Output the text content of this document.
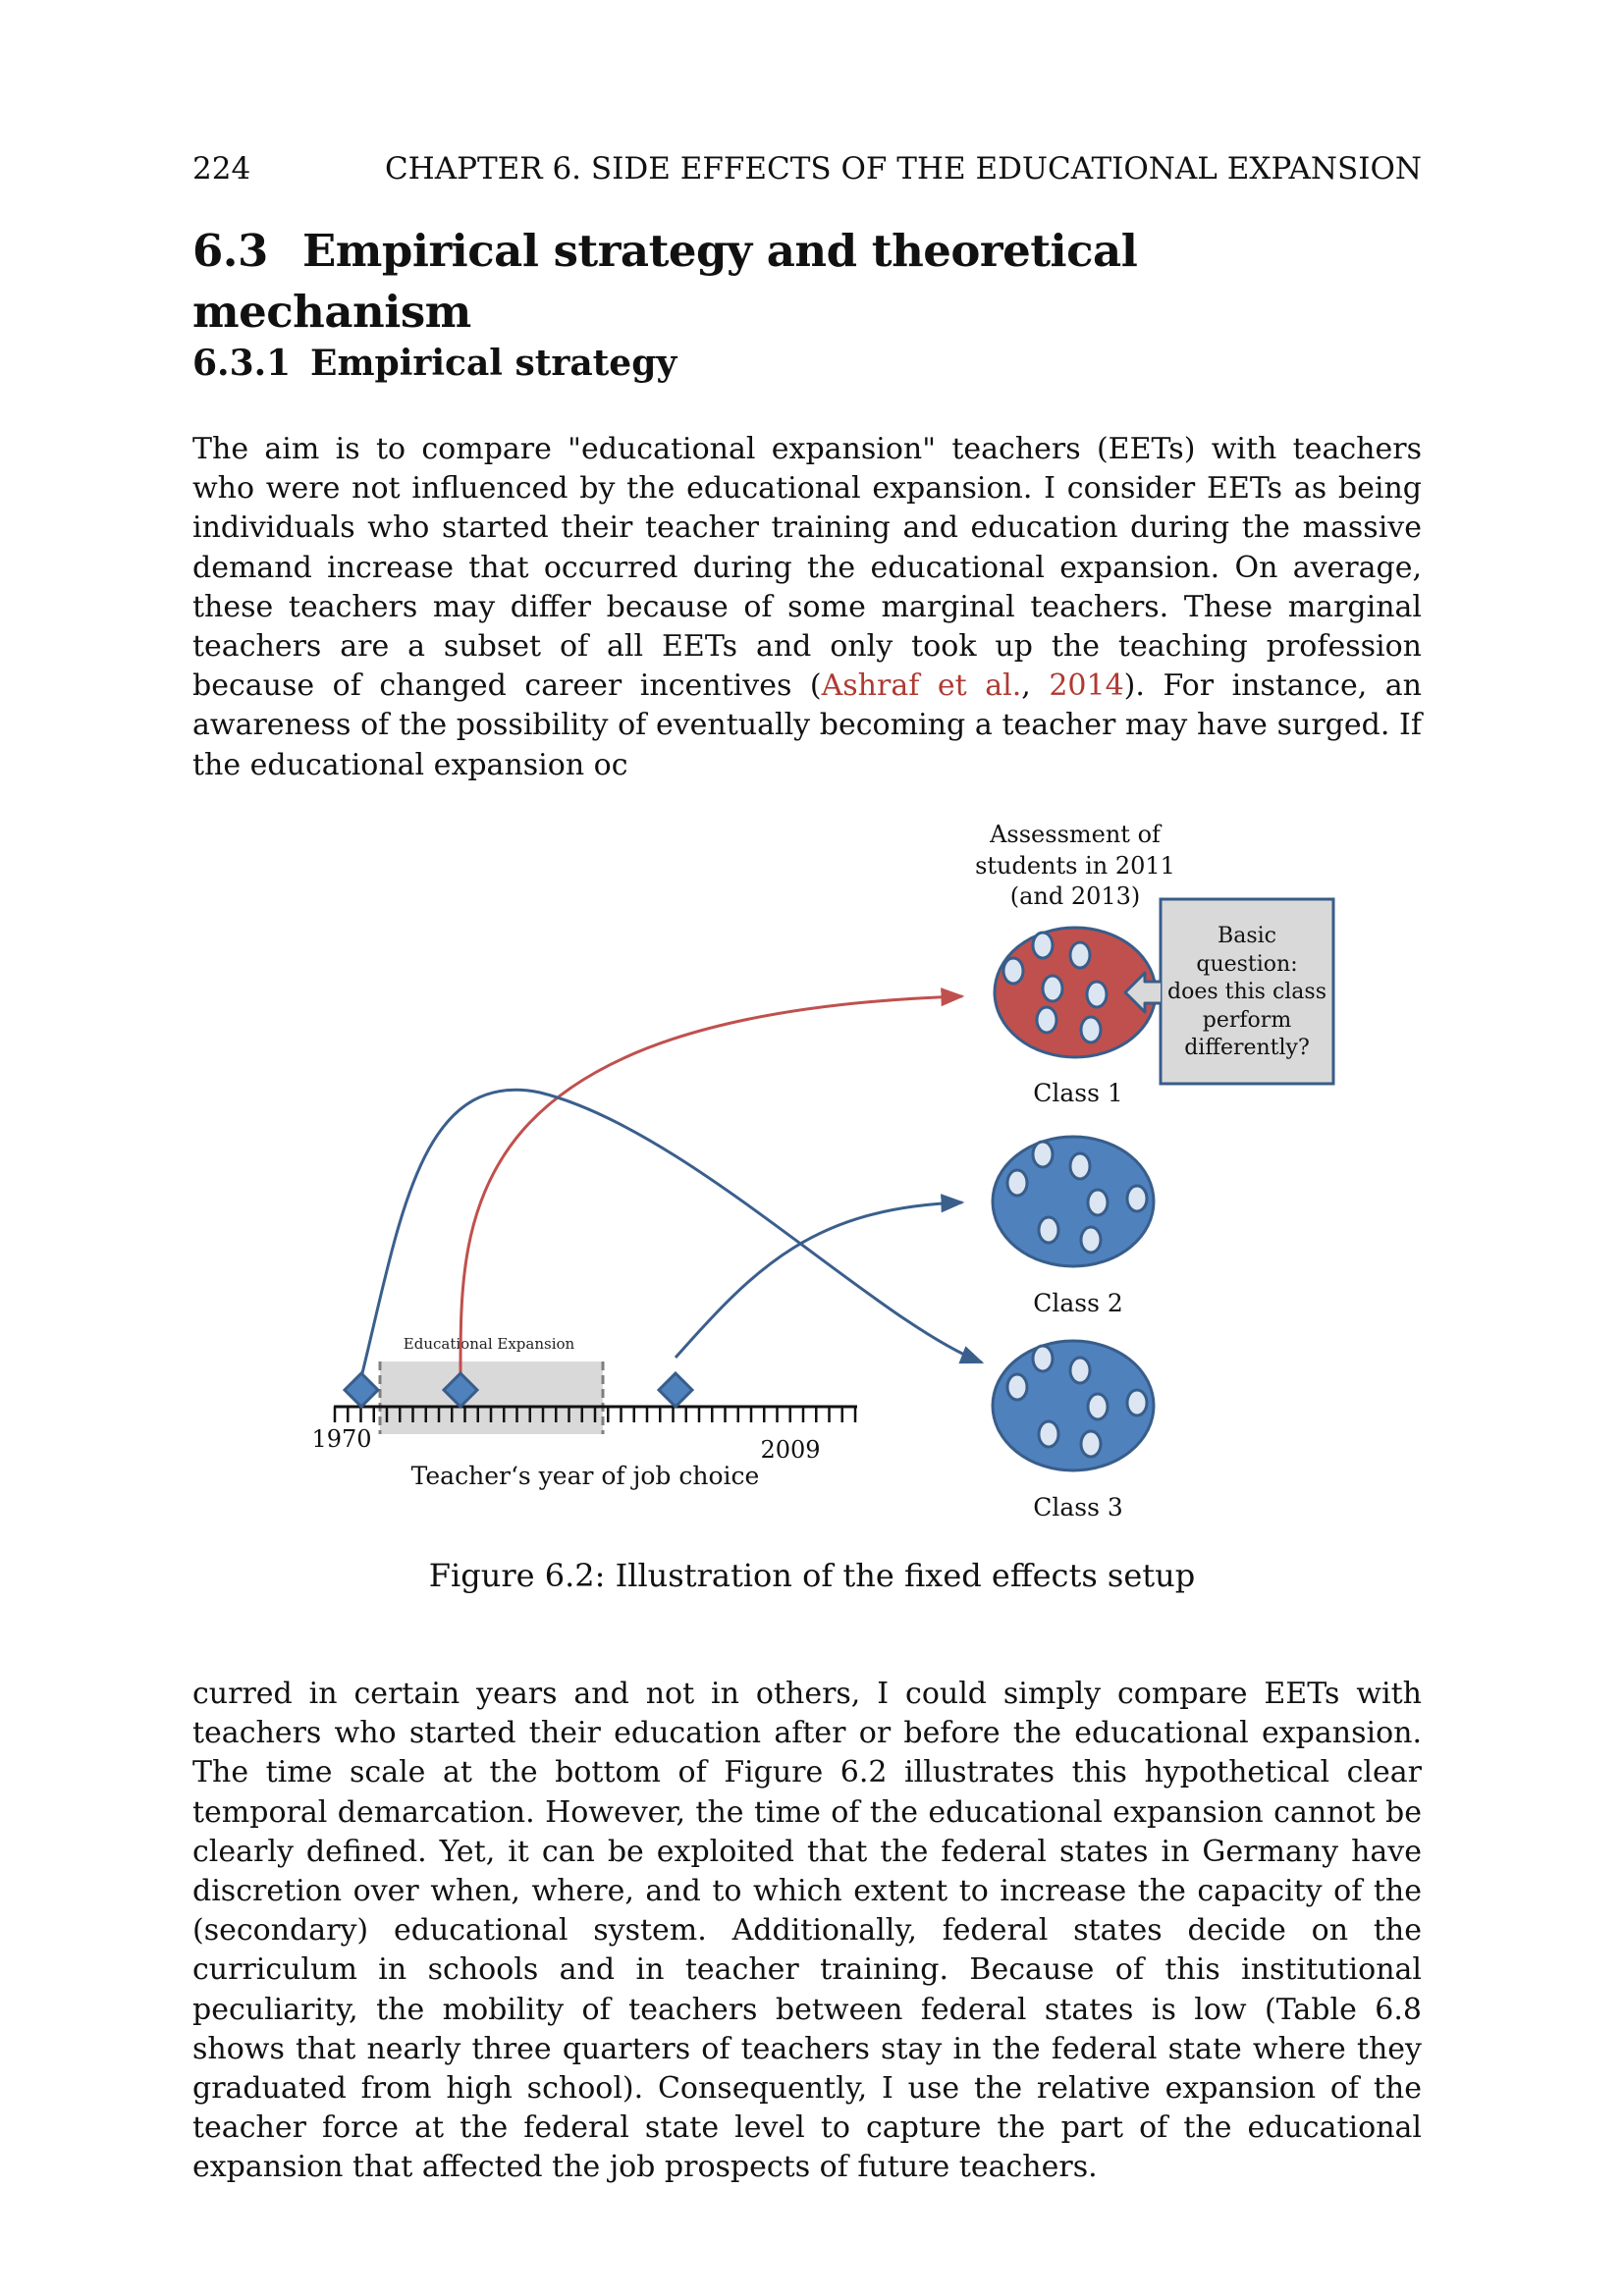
224	CHAPTER 6. SIDE EFFECTS OF THE EDUCATIONAL EXPANSION
6.3 Empirical strategy and theoretical mechanism
6.3.1 Empirical strategy

The aim is to compare "educational expansion" teachers (EETs) with teachers who were not influenced by the educational expansion. I consider EETs as being individuals who started their teacher training and education during the massive demand increase that occurred during the educational expansion. On average, these teachers may differ because of some marginal teachers. These marginal teachers are a subset of all EETs and only took up the teaching profession because of changed career incentives (Ashraf et al., 2014). For instance, an awareness of the possibility of eventually becoming a teacher may have surged. If the educational expansion oc

Assessment of
students in 2011
(and 2013)
Basic
question:
does this class
perform
differently?
Class 1
Class 2
Class 3
Educational Expansion
1970	2009
Teacher‘s year of job choice
Figure 6.2: Illustration of the fixed effects setup

curred in certain years and not in others, I could simply compare EETs with teachers who started their education after or before the educational expansion. The time scale at the bottom of Figure 6.2 illustrates this hypothetical clear temporal demarcation. However, the time of the educational expansion cannot be clearly defined. Yet, it can be exploited that the federal states in Germany have discretion over when, where, and to which extent to increase the capacity of the (secondary) educational system. Additionally, federal states decide on the curriculum in schools and in teacher training. Because of this institutional peculiarity, the mobility of teachers between federal states is low (Table 6.8 shows that nearly three quarters of teachers stay in the federal state where they graduated from high school). Consequently, I use the relative expansion of the teacher force at the federal state level to capture the part of the educational expansion that affected the job prospects of future teachers.
